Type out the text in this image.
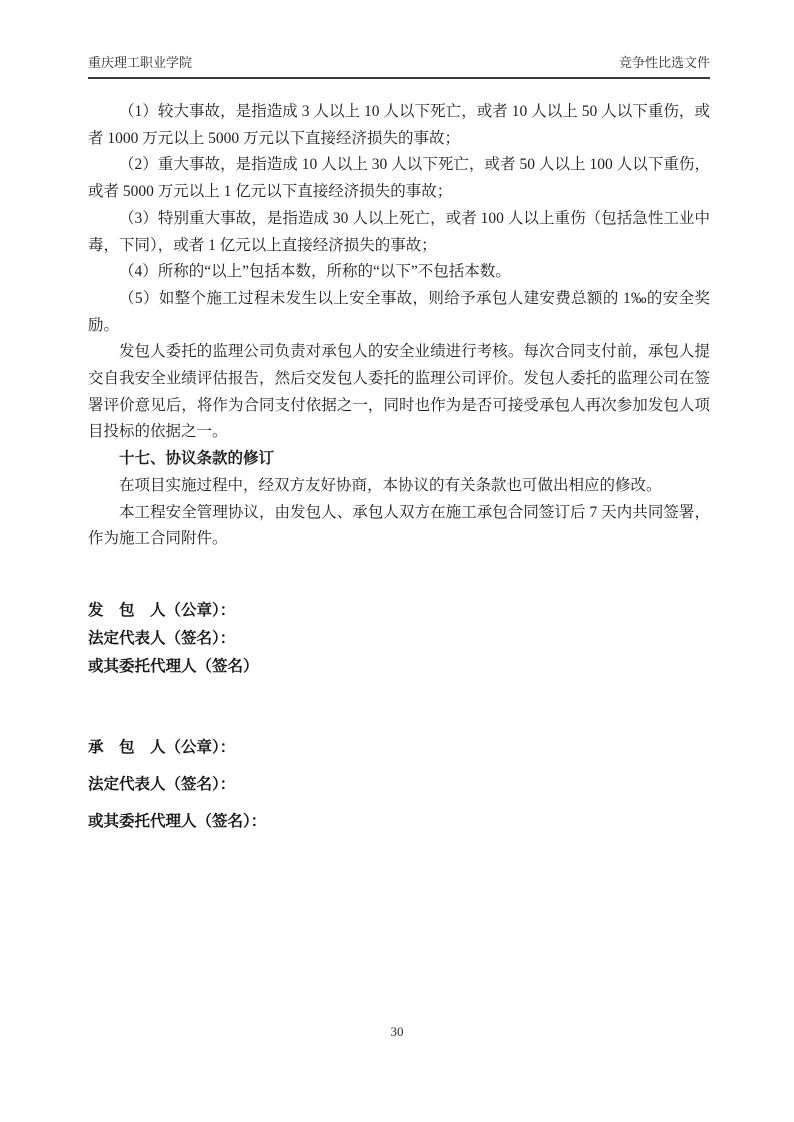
重庆理工职业学院	竞争性比选文件

（1）较大事故，是指造成 3 人以上 10 人以下死亡，或者 10 人以上 50 人以下重伤，或者 1000 万元以上 5000 万元以下直接经济损失的事故；

（2）重大事故，是指造成 10 人以上 30 人以下死亡，或者 50 人以上 100 人以下重伤，或者 5000 万元以上 1 亿元以下直接经济损失的事故；

（3）特别重大事故，是指造成 30 人以上死亡，或者 100 人以上重伤（包括急性工业中毒，下同），或者 1 亿元以上直接经济损失的事故；

（4）所称的“以上”包括本数，所称的“以下”不包括本数。

（5）如整个施工过程未发生以上安全事故，则给予承包人建安费总额的 1‰的安全奖励。

发包人委托的监理公司负责对承包人的安全业绩进行考核。每次合同支付前，承包人提交自我安全业绩评估报告，然后交发包人委托的监理公司评价。发包人委托的监理公司在签署评价意见后，将作为合同支付依据之一，同时也作为是否可接受承包人再次参加发包人项目投标的依据之一。

十七、协议条款的修订

在项目实施过程中，经双方友好协商，本协议的有关条款也可做出相应的修改。

本工程安全管理协议，由发包人、承包人双方在施工承包合同签订后 7 天内共同签署，作为施工合同附件。

发　包　人（公章）：

法定代表人（签名）：

或其委托代理人（签名）

承　包　人（公章）：

法定代表人（签名）：

或其委托代理人（签名）：

30
